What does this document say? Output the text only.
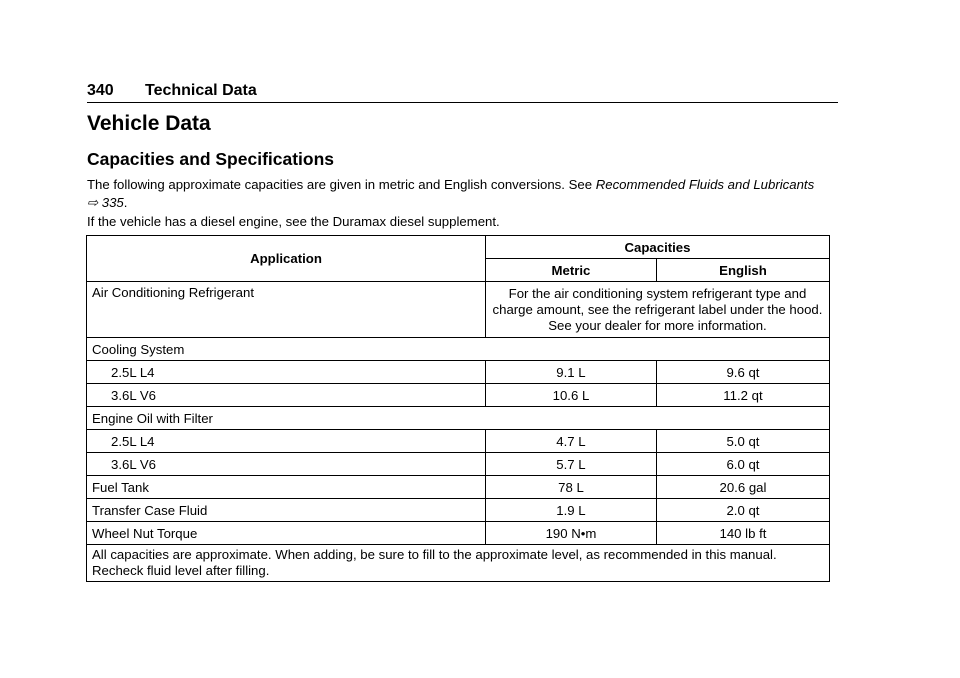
340 Technical Data
Vehicle Data
Capacities and Specifications

The following approximate capacities are given in metric and English conversions. See Recommended Fluids and Lubricants ⇨ 335.

If the vehicle has a diesel engine, see the Duramax diesel supplement.

Application	Capacities	
	Metric	English
Air Conditioning Refrigerant	For the air conditioning system refrigerant type and charge amount, see the refrigerant label under the hood. See your dealer for more information.	
Cooling System		
2.5L L4	9.1 L	9.6 qt
3.6L V6	10.6 L	11.2 qt
Engine Oil with Filter		
2.5L L4	4.7 L	5.0 qt
3.6L V6	5.7 L	6.0 qt
Fuel Tank	78 L	20.6 gal
Transfer Case Fluid	1.9 L	2.0 qt
Wheel Nut Torque	190 N•m	140 lb ft
All capacities are approximate. When adding, be sure to fill to the approximate level, as recommended in this manual. Recheck fluid level after filling.		
